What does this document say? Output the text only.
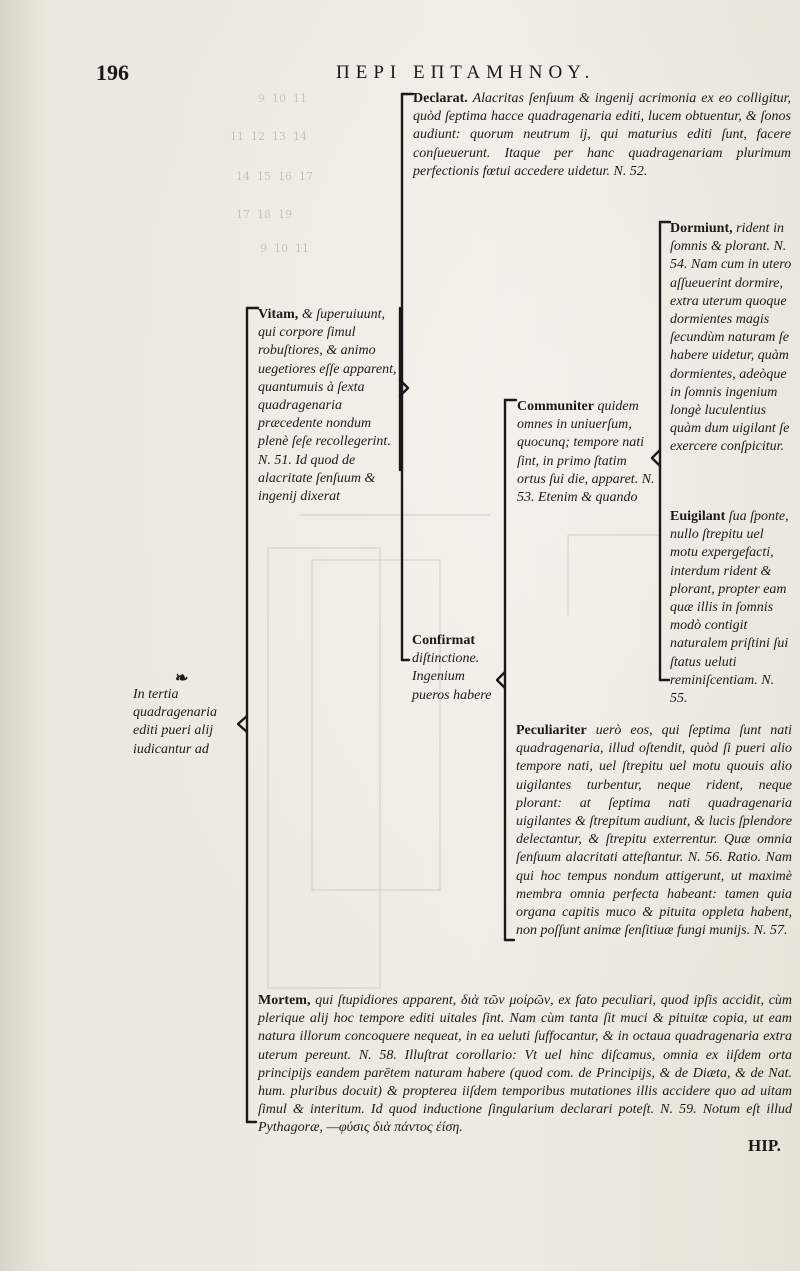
9  10  11
11  12  13  14
14  15  16  17
17  18  19
9  10  11
196	ΠΕΡΙ ΕΠΤΑΜΗΝΟΥ.

Declarat. Alacritas ſenſuum & ingenij acrimonia ex eo colligitur, quòd ſeptima hacce quadragenaria editi, lucem obtuentur, & ſonos audiunt: quorum neutrum ij, qui maturius editi ſunt, facere conſueuerunt. Itaque per hanc quadragenariam plurimum perfectionis fœtui accedere uidetur. N. 52.

Vitam, & ſuperuiuunt, qui corpore ſimul robuſtiores, & animo uegetiores eſſe apparent, quantumuis à ſexta quadragenaria præcedente nondum plenè ſeſe recollegerint. N. 51. Id quod de alacritate ſenſuum & ingenij dixerat

❧

In tertia quadragenaria editi pueri alij iudicantur ad

Confirmat diſtinctione. Ingenium pueros habere

Communiter quidem omnes in uniuerſum, quocunq; tempore nati ſint, in primo ſtatim ortus ſui die, apparet. N. 53. Etenim & quando

Dormiunt, rident in ſomnis & plorant. N. 54. Nam cum in utero aſſueuerint dormire, extra uterum quoque dormientes magis ſecundùm naturam ſe habere uidetur, quàm dormientes, adeòque in ſomnis ingenium longè luculentius quàm dum uigilant ſe exercere conſpicitur.

Euigilant ſua ſponte, nullo ſtrepitu uel motu expergefacti, interdum rident & plorant, propter eam quæ illis in ſomnis modò contigit naturalem priſtini ſui ſtatus ueluti reminiſcentiam. N. 55.

Peculiariter uerò eos, qui ſeptima ſunt nati quadragenaria, illud oſtendit, quòd ſi pueri alio tempore nati, uel ſtrepitu uel motu quouis alio uigilantes turbentur, neque rident, neque plorant: at ſeptima nati quadragenaria uigilantes & ſtrepitum audiunt, & lucis ſplendore delectantur, & ſtrepitu exterrentur. Quæ omnia ſenſuum alacritati atteſtantur. N. 56. Ratio. Nam qui hoc tempus nondum attigerunt, ut maximè membra omnia perfecta habeant: tamen quia organa capitis muco & pituita oppleta habent, non poſſunt animæ ſenſitiuæ fungi munijs. N. 57.

Mortem, qui ſtupidiores apparent, διὰ τῶν μοίρῶν, ex fato peculiari, quod ipſis accidit, cùm plerique alij hoc tempore editi uitales ſint. Nam cùm tanta ſit muci & pituitæ copia, ut eam natura illorum concoquere nequeat, in ea ueluti ſuffocantur, & in octaua quadragenaria extra uterum pereunt. N. 58. Illuſtrat corollario: Vt uel hinc diſcamus, omnia ex iiſdem orta principijs eandem parētem naturam habere (quod com. de Principijs, & de Diæta, & de Nat. hum. pluribus docuit) & propterea iiſdem temporibus mutationes illis accidere quo ad uitam ſimul & interitum. Id quod inductione ſingularium declarari poteſt. N. 59. Notum eſt illud Pythagoræ, —φύσις διὰ πάντος ἐίση.

HIP.
